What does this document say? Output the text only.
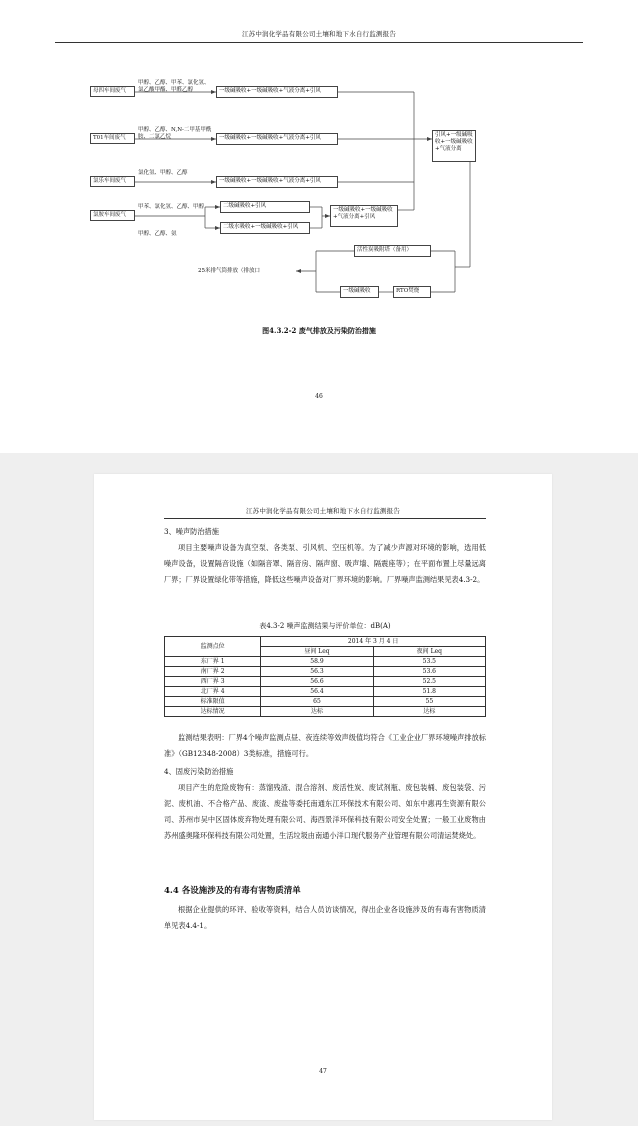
江苏中润化学品有限公司土壤和地下水自行监测报告
母四车间废气
T01车间废气
氯乐车间废气
氯胺车间废气
甲醇、乙醇、甲苯、氯化氢、氯乙酸甲酯、甲醛乙醇
甲醇、乙醇、N,N-二甲基甲酰胺、二氯乙烷
氯化氢、甲醇、乙醇
甲苯、氯化氢、乙醇、甲醇
甲醇、乙醇、氨
一级碱吸收+一级碱吸收+气液分离+引风
一级碱吸收+一级碱吸收+气液分离+引风
一级碱吸收+一级碱吸收+气液分离+引风
二级碱吸收+引风
二级水吸收+一级碱吸收+引风
一级碱吸收+一级碱吸收+气液分离+引风
引风+一级碱吸收+一级碱吸收+气液分离
活性炭吸附塔（备用）
一级碱吸收	RTO焚烧
25米排气筒排放（排放口
图4.3.2-2 废气排放及污染防治措施
46
江苏中润化学品有限公司土壤和地下水自行监测报告
3、噪声防治措施
项目主要噪声设备为真空泵、各类泵、引风机、空压机等。为了减少声源对环境的影响，选用低噪声设备，设置隔音设施（如隔音罩、隔音房、隔声窗、吸声墙、隔震座等）；在平面布置上尽量远离厂界；厂界设置绿化带等措施，降低这些噪声设备对厂界环境的影响。厂界噪声监测结果见表4.3-2。
表4.3-2 噪声监测结果与评价单位：dB(A)
监测点位	2014 年 3 月 4 日	
	昼间 Leq	夜间 Leq
东厂界 1	58.9	53.5
南厂界 2	56.3	53.6
西厂界 3	56.6	52.5
北厂界 4	56.4	51.8
标准限值	65	55
达标情况	达标	达标
监测结果表明：厂界4个噪声监测点昼、夜连续等效声级值均符合《工业企业厂界环境噪声排放标准》（GB12348-2008）3类标准，措施可行。
4、固废污染防治措施
项目产生的危险废物有：蒸馏残渣、混合溶剂、废活性炭、废试剂瓶、废包装桶、废包装袋、污泥、废机油、不合格产品、废渣、废盐等委托南通东江环保技术有限公司、如东中惠再生资源有限公司、苏州市吴中区固体废弃物处理有限公司、海西景洋环保科技有限公司安全处置；一般工业废物由苏州盛奥隆环保科技有限公司处置，生活垃圾由南通小洋口现代服务产业管理有限公司清运焚烧处。
4.4 各设施涉及的有毒有害物质清单
根据企业提供的环评、验收等资料，结合人员访谈情况，得出企业各设施涉及的有毒有害物质清单见表4.4-1。
47
